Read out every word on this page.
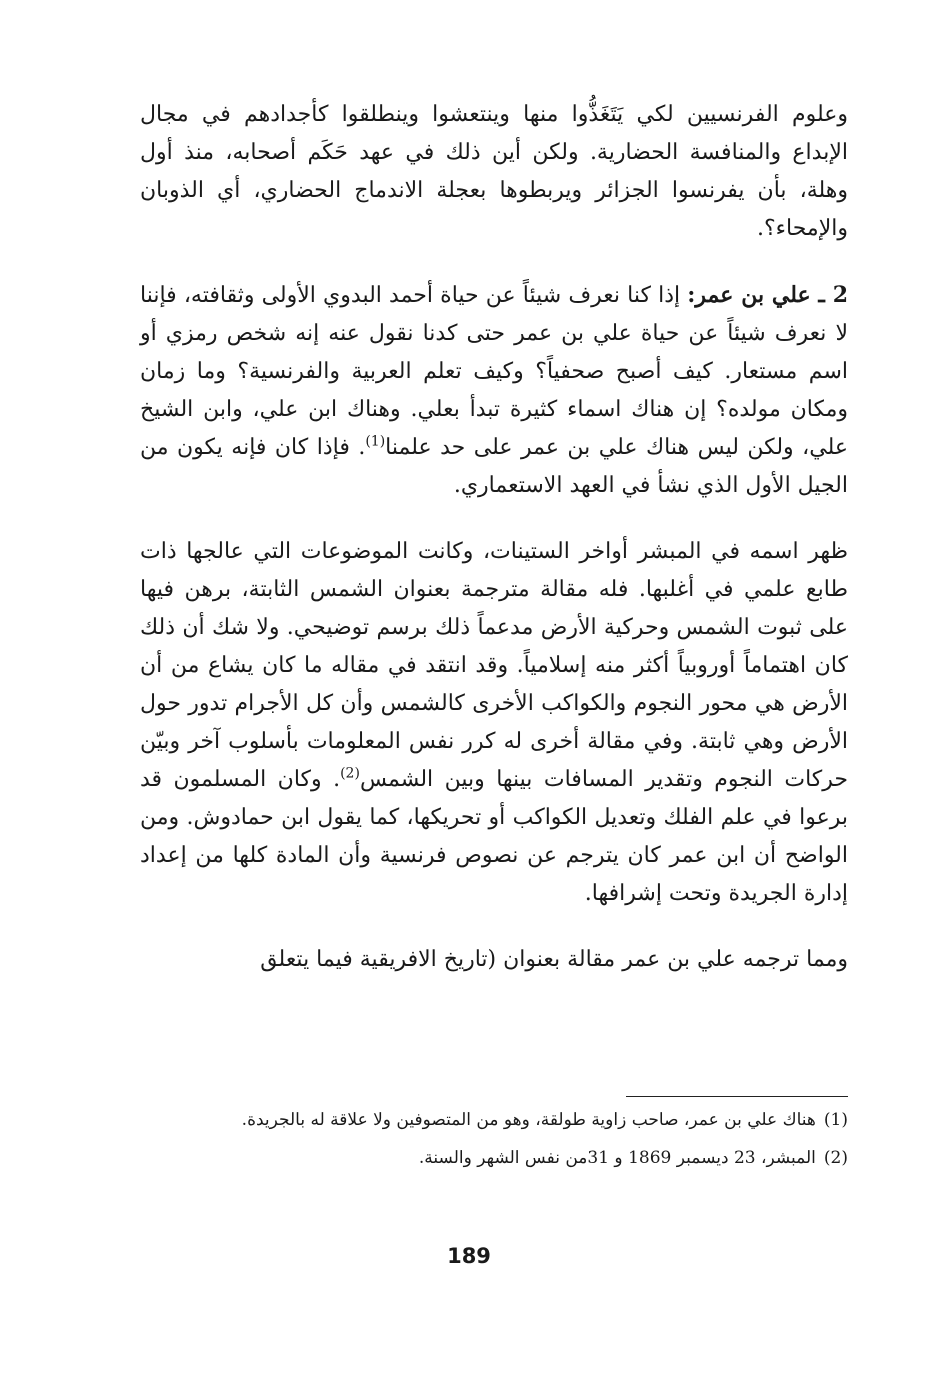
وعلوم الفرنسيين لكي يَتَغَذُّوا منها وينتعشوا وينطلقوا كأجدادهم في مجال الإبداع والمنافسة الحضارية. ولكن أين ذلك في عهد حَكَم أصحابه، منذ أول وهلة، بأن يفرنسوا الجزائر ويربطوها بعجلة الاندماج الحضاري، أي الذوبان والإمحاء؟.

2 ـ علي بن عمر: إذا كنا نعرف شيئاً عن حياة أحمد البدوي الأولى وثقافته، فإننا لا نعرف شيئاً عن حياة علي بن عمر حتى كدنا نقول عنه إنه شخص رمزي أو اسم مستعار. كيف أصبح صحفياً؟ وكيف تعلم العربية والفرنسية؟ وما زمان ومكان مولده؟ إن هناك اسماء كثيرة تبدأ بعلي. وهناك ابن علي، وابن الشيخ علي، ولكن ليس هناك علي بن عمر على حد علمنا$^{(1)}$. فإذا كان فإنه يكون من الجيل الأول الذي نشأ في العهد الاستعماري.

ظهر اسمه في المبشر أواخر الستينات، وكانت الموضوعات التي عالجها ذات طابع علمي في أغلبها. فله مقالة مترجمة بعنوان الشمس الثابتة، برهن فيها على ثبوت الشمس وحركية الأرض مدعماً ذلك برسم توضيحي. ولا شك أن ذلك كان اهتماماً أوروبياً أكثر منه إسلامياً. وقد انتقد في مقاله ما كان يشاع من أن الأرض هي محور النجوم والكواكب الأخرى كالشمس وأن كل الأجرام تدور حول الأرض وهي ثابتة. وفي مقالة أخرى له كرر نفس المعلومات بأسلوب آخر وبيّن حركات النجوم وتقدير المسافات بينها وبين الشمس$^{(2)}$. وكان المسلمون قد برعوا في علم الفلك وتعديل الكواكب أو تحريكها، كما يقول ابن حمادوش. ومن الواضح أن ابن عمر كان يترجم عن نصوص فرنسية وأن المادة كلها من إعداد إدارة الجريدة وتحت إشرافها.

ومما ترجمه علي بن عمر مقالة بعنوان (تاريخ الافريقية فيما يتعلق

(1)
هناك علي بن عمر، صاحب زاوية طولقة، وهو من المتصوفين ولا علاقة له بالجريدة.
(2)
المبشر، 23 ديسمبر 1869 و 31من نفس الشهر والسنة.
189
